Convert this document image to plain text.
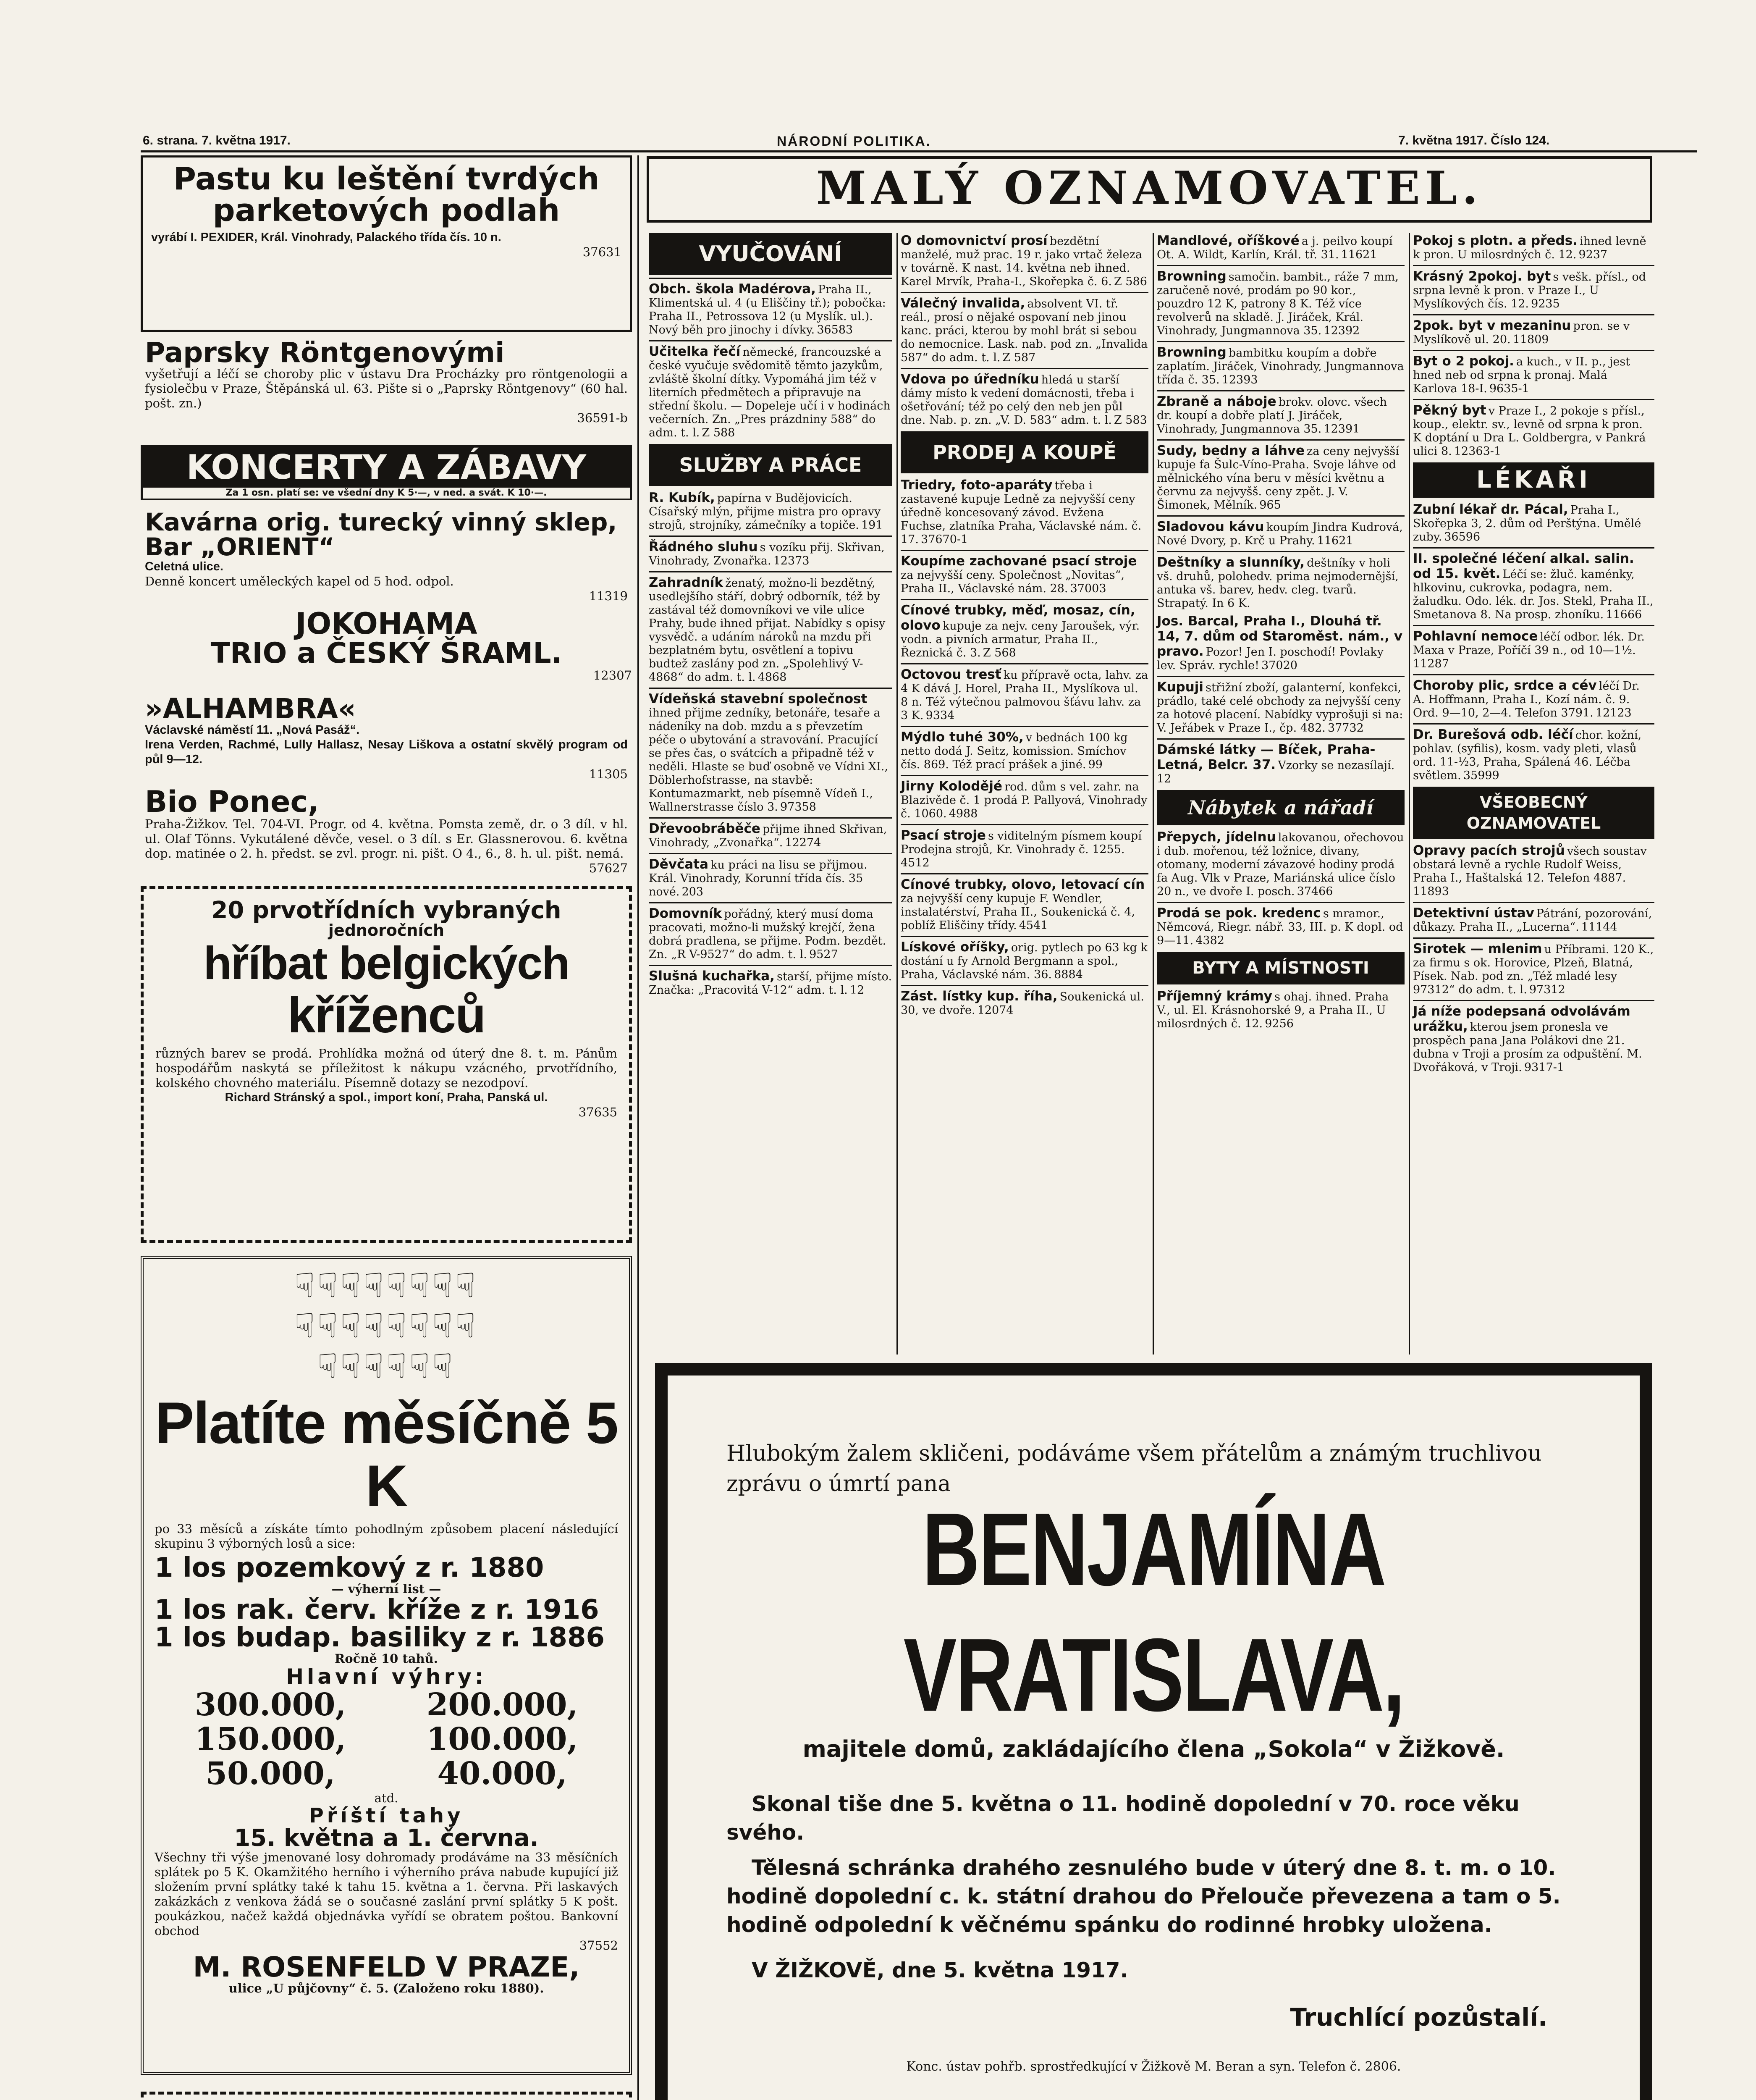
6. strana. 7. května 1917.	NÁRODNÍ POLITIKA.	7. května 1917. Číslo 124.
Pastu ku leštění tvrdých parketových podlah
vyrábí I. PEXIDER, Král. Vinohrady, Palackého třída čís. 10 n.
37631
Paprsky Röntgenovými
vyšetřují a léčí se choroby plic v ústavu Dra Procházky pro röntgenologii a fysiolečbu v Praze, Štěpánská ul. 63. Pište si o „Paprsky Röntgenovy“ (60 hal. pošt. zn.)
36591-b
KONCERTY A ZÁBAVY
Za 1 osn. platí se: ve všední dny K 5·—, v ned. a svát. K 10·—.
Kavárna orig. turecký vinný sklep, Bar „ORIENT“
Celetná ulice.
Denně koncert uměleckých kapel od 5 hod. odpol.
11319
JOKOHAMA
TRIO a ČESKÝ ŠRAML.
12307
»ALHAMBRA«
Václavské náměstí 11. „Nová Pasáž“.
Irena Verden, Rachmé, Lully Hallasz, Nesay Liškova a ostatní skvělý program od půl 9—12.
11305
Bio Ponec,
Praha-Žižkov. Tel. 704-VI. Progr. od 4. května. Pomsta země, dr. o 3 díl. v hl. ul. Olaf Tönns. Vykutálené děvče, vesel. o 3 díl. s Er. Glassnerovou. 6. května dop. matinée o 2. h. předst. se zvl. progr. ni. pišt. O 4., 6., 8. h. ul. pišt. nemá.
57627
20 prvotřídních vybraných
jednoročních
hříbat belgických
kříženců
různých barev se prodá. Prohlídka možná od úterý dne 8. t. m. Pánům hospodářům naskytá se příležitost k nákupu vzácného, prvotřídního, kolského chovného materiálu. Písemně dotazy se nezodpoví.
Richard Stránský a spol., import koní, Praha, Panská ul.
37635
☟☟☟☟☟☟☟☟
☟☟☟☟☟☟☟☟
☟☟☟☟☟☟
Platíte měsíčně 5 K
po 33 měsíců a získáte tímto pohodlným způsobem placení následující skupinu 3 výborných losů a sice:
1 los pozemkový z r. 1880
— výherní list —
1 los rak. červ. kříže z r. 1916
1 los budap. basiliky z r. 1886
Ročně 10 tahů.
Hlavní výhry:
300.000,	200.000,
150.000,	100.000,
50.000,	40.000,
atd.
Příští tahy
15. května a 1. června.
Všechny tři výše jmenované losy dohromady prodáváme na 33 měsíčních splátek po 5 K. Okamžitého herního i výherního práva nabude kupující již složením první splátky také k tahu 15. května a 1. června. Při laskavých zakázkách z venkova žádá se o současné zaslání první splátky 5 K pošt. poukázkou, načež každá objednávka vyřídí se obratem poštou. Bankovní obchod
37552
M. ROSENFELD V PRAZE,
ulice „U půjčovny“ č. 5. (Založeno roku 1880).
MALÝ OZNAMOVATEL.
VYUČOVÁNÍ
Obch. škola Madérova, Praha II., Klimentská ul. 4 (u Eliščiny tř.); pobočka: Praha II., Petrossova 12 (u Myslík. ul.). Nový běh pro jinochy i dívky. 36583
Učitelka řečí německé, francouzské a české vyučuje svědomitě těmto jazykům, zvláště školní dítky. Vypomáhá jim též v literních předmětech a připravuje na střední školu. — Dopeleje učí i v hodinách večerních. Zn. „Pres prázdniny 588“ do adm. t. l. Z 588
SLUŽBY A PRÁCE
R. Kubík, papírna v Budějovicích. Císařský mlýn, přijme mistra pro opravy strojů, strojníky, zámečníky a topiče. 191
Řádného sluhu s vozíku přij. Skřivan, Vinohrady, Zvonařka. 12373
Zahradník ženatý, možno-li bezdětný, usedlejšího stáří, dobrý odborník, též by zastával též domovníkovi ve vile ulice Prahy, bude ihned přijat. Nabídky s opisy vysvědč. a udáním nároků na mzdu při bezplatném bytu, osvětlení a topivu budtež zaslány pod zn. „Spolehlivý V-4868“ do adm. t. l. 4868
Vídeňská stavební společnost ihned přijme zedníky, betonáře, tesaře a nádeníky na dob. mzdu a s převzetím péče o ubytování a stravování. Pracující se přes čas, o svátcích a připadně též v neděli. Hlaste se buď osobně ve Vídni XI., Döblerhofstrasse, na stavbě: Kontumazmarkt, neb písemně Vídeň I., Wallnerstrasse číslo 3. 97358
Dřevoobráběče přijme ihned Skřivan, Vinohrady, „Zvonařka“. 12274
Děvčata ku práci na lisu se přijmou. Král. Vinohrady, Korunní třída čís. 35 nové. 203
Domovník pořádný, který musí doma pracovati, možno-li mužský krejčí, žena dobrá pradlena, se přijme. Podm. bezdět. Zn. „R V-9527“ do adm. t. l. 9527
Slušná kuchařka, starší, přijme místo. Značka: „Pracovitá V-12“ adm. t. l. 12
O domovnictví prosí bezdětní manželé, muž prac. 19 r. jako vrtač železa v továrně. K nast. 14. května neb ihned. Karel Mrvík, Praha-I., Skořepka č. 6. Z 586
Válečný invalida, absolvent VI. tř. reál., prosí o nějaké ospovaní neb jinou kanc. práci, kterou by mohl brát si sebou do nemocnice. Lask. nab. pod zn. „Invalida 587“ do adm. t. l. Z 587
Vdova po úředníku hledá u starší dámy místo k vedení domácnosti, třeba i ošetřování; též po celý den neb jen půl dne. Nab. p. zn. „V. D. 583“ adm. t. l. Z 583
PRODEJ A KOUPĚ
Triedry, foto-aparáty třeba i zastavené kupuje Ledně za nejvyšší ceny úředně koncesovaný závod. Evžena Fuchse, zlatníka Praha, Václavské nám. č. 17. 37670-1
Koupíme zachované psací stroje za nejvyšší ceny. Společnost „Novitas“, Praha II., Václavské nám. 28. 37003
Cínové trubky, měď, mosaz, cín, olovo kupuje za nejv. ceny Jaroušek, výr. vodn. a pivních armatur, Praha II., Řeznická č. 3. Z 568
Octovou tresť ku přípravě octa, lahv. za 4 K dává J. Horel, Praha II., Myslíkova ul. 8 n. Též výtečnou palmovou šťávu lahv. za 3 K. 9334
Mýdlo tuhé 30%, v bednách 100 kg netto dodá J. Seitz, komission. Smíchov čís. 869. Též prací prášek a jiné. 99
Jirny Kolodějé rod. dům s vel. zahr. na Blazivěde č. 1 prodá P. Pallyová, Vinohrady č. 1060. 4988
Psací stroje s viditelným písmem koupí Prodejna strojů, Kr. Vinohrady č. 1255. 4512
Cínové trubky, olovo, letovací cín za nejvyšší ceny kupuje F. Wendler, instalatérství, Praha II., Soukenická č. 4, poblíž Eliščiny třídy. 4541
Lískové oříšky, orig. pytlech po 63 kg k dostání u fy Arnold Bergmann a spol., Praha, Václavské nám. 36. 8884
Zást. lístky kup. říha, Soukenická ul. 30, ve dvoře. 12074
Mandlové, oříškové a j. peilvo koupí Ot. A. Wildt, Karlín, Král. tř. 31. 11621
Browning samočin. bambit., ráže 7 mm, zaručeně nové, prodám po 90 kor., pouzdro 12 K, patrony 8 K. Též více revolverů na skladě. J. Jiráček, Král. Vinohrady, Jungmannova 35. 12392
Browning bambitku koupím a dobře zaplatím. Jiráček, Vinohrady, Jungmannova třída č. 35. 12393
Zbraně a náboje brokv. olovc. všech dr. koupí a dobře platí J. Jiráček, Vinohrady, Jungmannova 35. 12391
Sudy, bedny a láhve za ceny nejvyšší kupuje fa Šulc-Víno-Praha. Svoje láhve od mělnického vína beru v měsíci květnu a červnu za nejvyšš. ceny zpět. J. V. Šimonek, Mělník. 965
Sladovou kávu koupím Jindra Kudrová, Nové Dvory, p. Krč u Prahy. 11621
Deštníky a slunníky, deštníky v holi vš. druhů, polohedv. prima nejmodernější, antuka vš. barev, hedv. cleg. tvarů. Strapatý. In 6 K.
Jos. Barcal, Praha I., Dlouhá tř. 14, 7. dům od Staroměst. nám., v pravo. Pozor! Jen I. poschodí! Povlaky lev. Správ. rychle! 37020
Kupuji střižní zboží, galanterní, konfekci, prádlo, také celé obchody za nejvyšší ceny za hotové placení. Nabídky vyprošuji si na: V. Jeřábek v Praze I., čp. 482. 37732
Dámské látky — Bíček, Praha-Letná, Belcr. 37. Vzorky se nezasílají. 12
Nábytek a nářadí
Přepych, jídelnu lakovanou, ořechovou i dub. mořenou, též ložnice, divany, otomany, moderní závazové hodiny prodá fa Aug. Vlk v Praze, Mariánská ulice číslo 20 n., ve dvoře I. posch. 37466
Prodá se pok. kredenc s mramor., Němcová, Riegr. nábř. 33, III. p. K dopl. od 9—11. 4382
BYTY A MÍSTNOSTI
Příjemný krámy s ohaj. ihned. Praha V., ul. El. Krásnohorské 9, a Praha II., U milosrdných č. 12. 9256
Pokoj s plotn. a předs. ihned levně k pron. U milosrdných č. 12. 9237
Krásný 2pokoj. byt s vešk. přísl., od srpna levně k pron. v Praze I., U Myslíkových čís. 12. 9235
2pok. byt v mezaninu pron. se v Myslíkově ul. 20. 11809
Byt o 2 pokoj. a kuch., v II. p., jest hned neb od srpna k pronaj. Malá Karlova 18-I. 9635-1
Pěkný byt v Praze I., 2 pokoje s přísl., koup., elektr. sv., levně od srpna k pron. K doptání u Dra L. Goldbergra, v Pankrá ulici 8. 12363-1
LÉKAŘI
Zubní lékař dr. Pácal, Praha I., Skořepka 3, 2. dům od Perštýna. Umělé zuby. 36596
II. společné léčení alkal. salin. od 15. květ. Léčí se: žluč. kaménky, hlkovinu, cukrovka, podagra, nem. žaludku. Odo. lék. dr. Jos. Stekl, Praha II., Smetanova 8. Na prosp. zhoníku. 11666
Pohlavní nemoce léčí odbor. lék. Dr. Maxa v Praze, Poříčí 39 n., od 10—1½. 11287
Choroby plic, srdce a cév léčí Dr. A. Hoffmann, Praha I., Kozí nám. č. 9. Ord. 9—10, 2—4. Telefon 3791. 12123
Dr. Burešová odb. léčí chor. kožní, pohlav. (syfilis), kosm. vady pleti, vlasů ord. 11-½3, Praha, Spálená 46. Léčba světlem. 35999
VŠEOBECNÝ OZNAMOVATEL
Opravy pacích strojů všech soustav obstará levně a rychle Rudolf Weiss, Praha I., Haštalská 12. Telefon 4887. 11893
Detektivní ústav Pátrání, pozorování, důkazy. Praha II., „Lucerna“. 11144
Sirotek — mlenim u Příbrami. 120 K., za firmu s ok. Horovice, Plzeň, Blatná, Písek. Nab. pod zn. „Též mladé lesy 97312“ do adm. t. l. 97312
Já níže podepsaná odvolávám urážku, kterou jsem pronesla ve prospěch pana Jana Polákovi dne 21. dubna v Troji a prosím za odpuštění. M. Dvořáková, v Troji. 9317-1
Hlubokým žalem skličeni, podáváme všem přátelům a známým truchlivou zprávu o úmrtí pana
BENJAMÍNA VRATISLAVA,
majitele domů, zakládajícího člena „Sokola“ v Žižkově.
Skonal tiše dne 5. května o 11. hodině dopolední v 70. roce věku svého.
Tělesná schránka drahého zesnulého bude v úterý dne 8. t. m. o 10. hodině dopolední c. k. státní drahou do Přelouče převezena a tam o 5. hodině odpolední k věčnému spánku do rodinné hrobky uložena.
V ŽIŽKOVĚ, dne 5. května 1917.
Truchlící pozůstalí.
Konc. ústav pohřb. sprostředkující v Žižkově M. Beran a syn. Telefon č. 2806.
